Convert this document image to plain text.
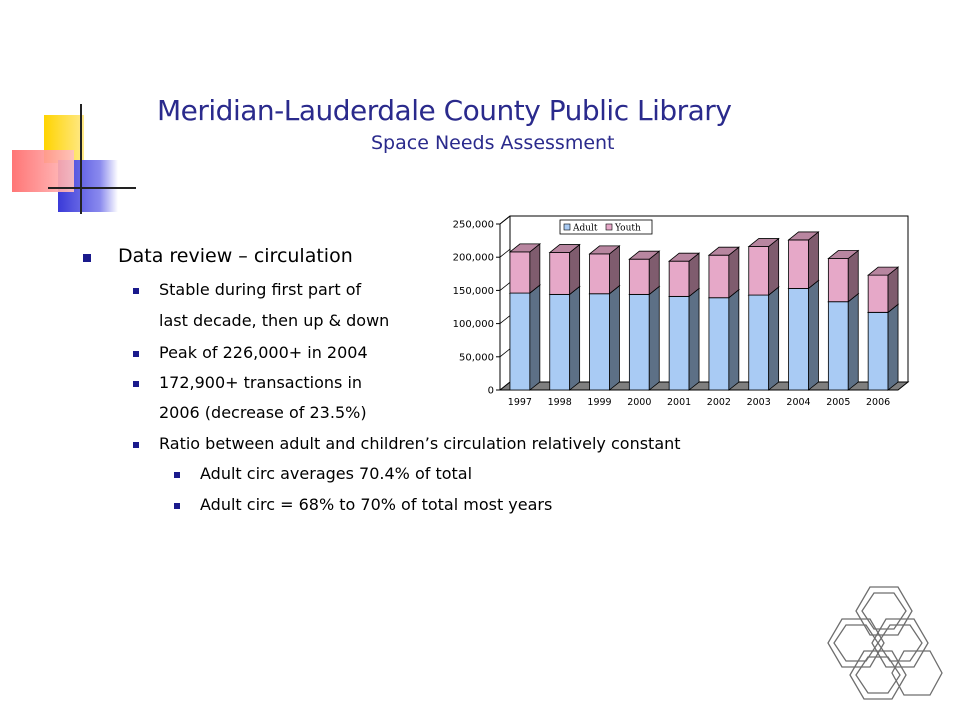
Meridian-Lauderdale County Public Library
Space Needs Assessment
Data review – circulation
Stable during first part of
last decade, then up & down
Peak of 226,000+ in 2004
172,900+ transactions in
2006 (decrease of 23.5%)
Ratio between adult and children’s circulation relatively constant
Adult circ averages 70.4% of total
Adult circ = 68% to 70% of total most years
1997 1998 1999 2000 2001 2002 2003 2004 2005 2006
0
50,000
100,000
150,000
200,000
250,000	Adult Youth
